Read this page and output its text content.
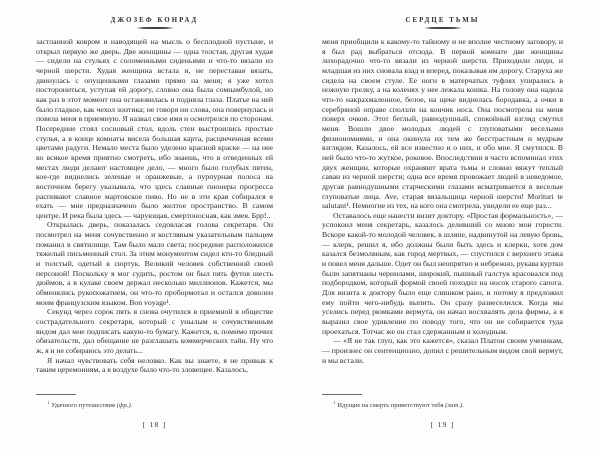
ДЖОЗЕФ КОНРАД
застланной ковром и наводящей на мысль о бесплодной пустыне, и открыл первую же дверь. Две женщины — одна толстая, другая худая — сидели на стульях с соломенными сиденьями и что-то вязали из черной шерсти. Худая женщина встала и, не переставая вязать, двинулась с опущенными глазами прямо на меня; я уже хотел посторониться, уступая ей дорогу, словно она была сомнамбулой, но как раз в этот момент она остановилась и подняла глаза. Платье на ней было гладкое, как чехол зонтика; не говоря ни слова, она повернулась и повела меня в приемную. Я назвал свое имя и осмотрелся по сторонам. Посередине стоял сосновый стол, вдоль стен выстроились простые стулья, а в конце комнаты висела большая карта, расцвеченная всеми цветами радуги. Немало места было уделено красной краске — на нее во всякое время приятно смотреть, ибо знаешь, что в отведенных ей местах люди делают настоящее дело, — много было голубых пятен, кое-где виднелись зеленые и оранжевые, а пурпурная полоса на восточном берегу указывала, что здесь славные пионеры прогресса распивают славное мартовское пиво. Но не в эти края собирался я ехать — мне предназначено было желтое пространство. В самом центре. И река была здесь — чарующая, смертоносная, как змея. Брр!..
Открылась дверь, показалась седовласая голова секретаря. Он посмотрел на меня сочувственно и костлявым указательным пальцем поманил в святилище. Там было мало света; посредине расположился тяжелый письменный стол. За этим монументом сидел кто-то бледный и толстый, одетый в сюртук. Великий человек собственной своей персоной! Поскольку я мог судить, ростом он был пять футов шесть дюймов, а в кулаке своем держал несколько миллионов. Кажется, мы обменялись рукопожатием, он что-то пробормотал и остался доволен моим французским языком. Bon voyage¹.
Секунд через сорок пять я снова очутился в приемной в обществе сострадательного секретаря, который с унылым и сочувственным видом дал мне подписать какую-то бумагу. Кажется, я, помимо прочих обязательств, дал обещание не разглашать коммерческих тайн. Ну что ж, я и не собираюсь это делать...
Я начал чувствовать себя неловко. Как вы знаете, я не привык к таким церемониям, а в воздухе было что-то зловещее. Казалось,
$^1$ Удачного путешествия (фр.).
[ 18 ]
СЕРДЦЕ ТЬМЫ
меня приобщили к какому-то тайному и не вполне честному заговору, и я был рад выбраться отсюда. В первой комнате две женщины лихорадочно что-то вязали из черной шерсти. Приходили люди, и младшая из них сновала взад и вперед, показывая им дорогу. Старуха же сидела на своем стуле. Ее ноги в матерчатых туфлях упирались в ножную грелку, а на коленях у нее лежала кошка. На голову она надела что-то накрахмаленное, белое, на щеке виднелась бородавка, а очки в серебряной оправе сползли на кончик носа. Она посмотрела на меня поверх очков. Этот беглый, равнодушный, спокойный взгляд смутил меня. Вошли двое молодых людей с глуповатыми веселыми физиономиями, и она окинула их тем же бесстрастным и мудрым взглядом. Казалось, ей все известно и о них, и обо мне. Я смутился. В ней было что-то жуткое, роковое. Впоследствии я часто вспоминал этих двух женщин, которые охраняют врата тьмы и словно вяжут теплый саван из черной шерсти; одна все время провожает людей в неведомое, другая равнодушными старческими глазами всматривается в веселые глуповатые лица. Ave, старая вязальщица черной шерсти! Morituri te salutant¹. Немногие из тех, на кого она смотрела, увидели ее еще раз...
Оставалось еще нанести визит доктору. «Простая формальность», — успокоил меня секретарь, казалось деливший со мною мои горести. Вскоре какой-то молодой человек, в шляпе, надвинутой на левую бровь, — клерк, решил я, ибо должны были быть здесь и клерки, хотя дом казался безмолвным, как город мертвых, — спустился с верхнего этажа и повел меня дальше. Одет он был неопрятно и небрежно, рукава куртки были запятнаны чернилами, широкий, пышный галстук красовался под подбородком, который формой своей походил на носок старого сапога. Для визита к доктору было еще слишком рано, и потому я предложил ему пойти чего-нибудь выпить. Он сразу развеселился. Когда мы уселись перед рюмками вермута, он начал восхвалять дела фирмы, а я выразил свое удивление по поводу того, что он не собирается туда проехаться. Тотчас же он стал сдержанным и холодным.
— «Я не так глуп, как это кажется», сказал Платон своим ученикам, — произнес он сентенциозно, допил с решительным видом свой вермут, и мы встали.
$^1$ Идущие на смерть приветствуют тебя (лат.).
[ 19 ]
